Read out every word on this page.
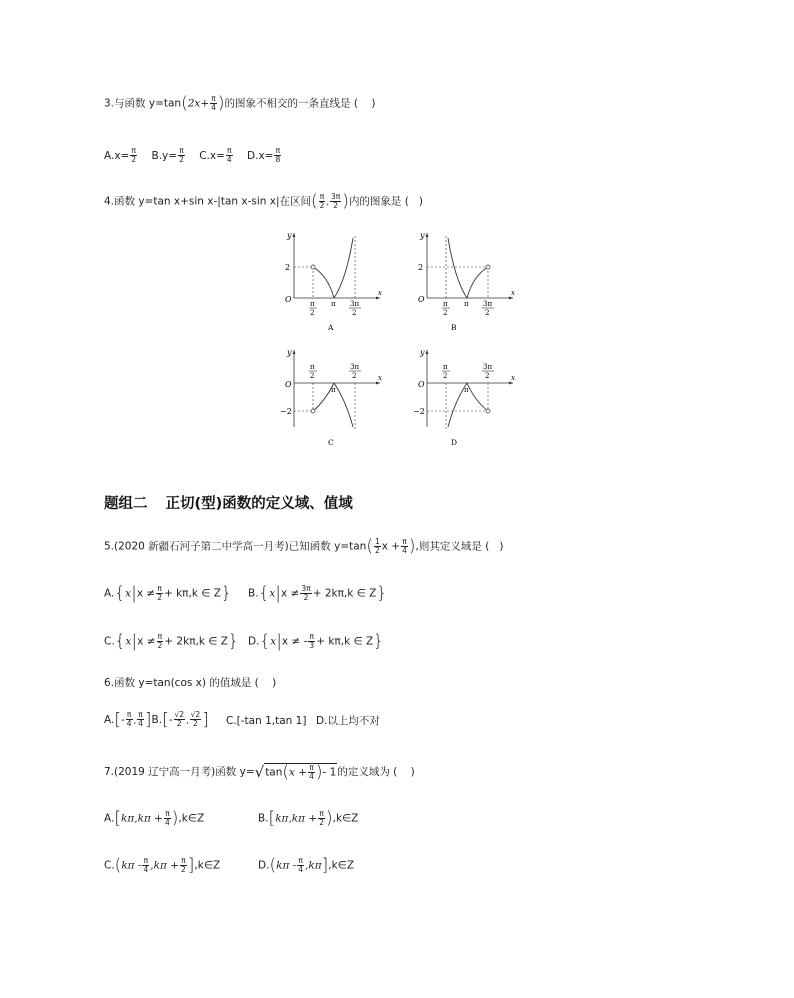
3.与函数 $y=\tan(2x+ \frac{\pi}{4}$ )的图象不相交的一条直线是 ( )
$A.x= \frac{\pi}{2} B.y= \frac{\pi}{2} C.x= \frac{\pi}{4} D.x= \frac{\pi}{8}$
4.函数 y=tan x+sin x-|tan x-sin x|在区间( $\frac{\pi}{2}$ , $\frac{3\pi}{2}$ )内的图象是 ( )
y
x
O
2
π
2
π 3π
2
A
y
x
O
2
π
2
π 3π
2
B
y
x
O
−2
π
2
π
3π
2
C
y
x
O
−2
π
2
π
3π
2
D
题组二 正切(型)函数的定义域、值域
5.(2020 新疆石河子第二中学高一月考)已知函数 $y=\tan( \frac{1}{2}$ $x + \frac{\pi}{4}$ ),则其定义域是 ( )
$A.\{x|x \ne \frac{\pi}{2} + k\pi,k$ ∈ Z} $B.\{x|x \ne \frac{3\pi}{2} + 2k\pi,k$ ∈ Z}
$C.\{x|x \ne \frac{\pi}{2} + 2k\pi,k$ ∈ Z} D.{x|x ≠ - $\frac{\pi}{3} + k\pi,k$ ∈ Z}
6.函数 y=tan(cos x) 的值域是 ( )
$A.[- \frac{\pi}{4}$ , $\frac{\pi}{4} ]B.[- \frac{√2}{2}$ , $\frac{√2}{2}$ ] C.[-tan 1,tan 1] D.以上均不对
7.(2019 辽宁高一月考)函数 $y=√\tan(x + \frac{\pi}{4}$ )- 1的定义域为 ( )
$A.[k\pi,k\pi + \frac{\pi}{4}$ ),k∈Z	$B.[k\pi,k\pi + \frac{\pi}{2}$ ),k∈Z
$C.(k\pi - \frac{\pi}{4} ,k\pi + \frac{\pi}{2}$ ],k∈Z	$D.(k\pi - \frac{\pi}{4}$ ,kπ],k∈Z
